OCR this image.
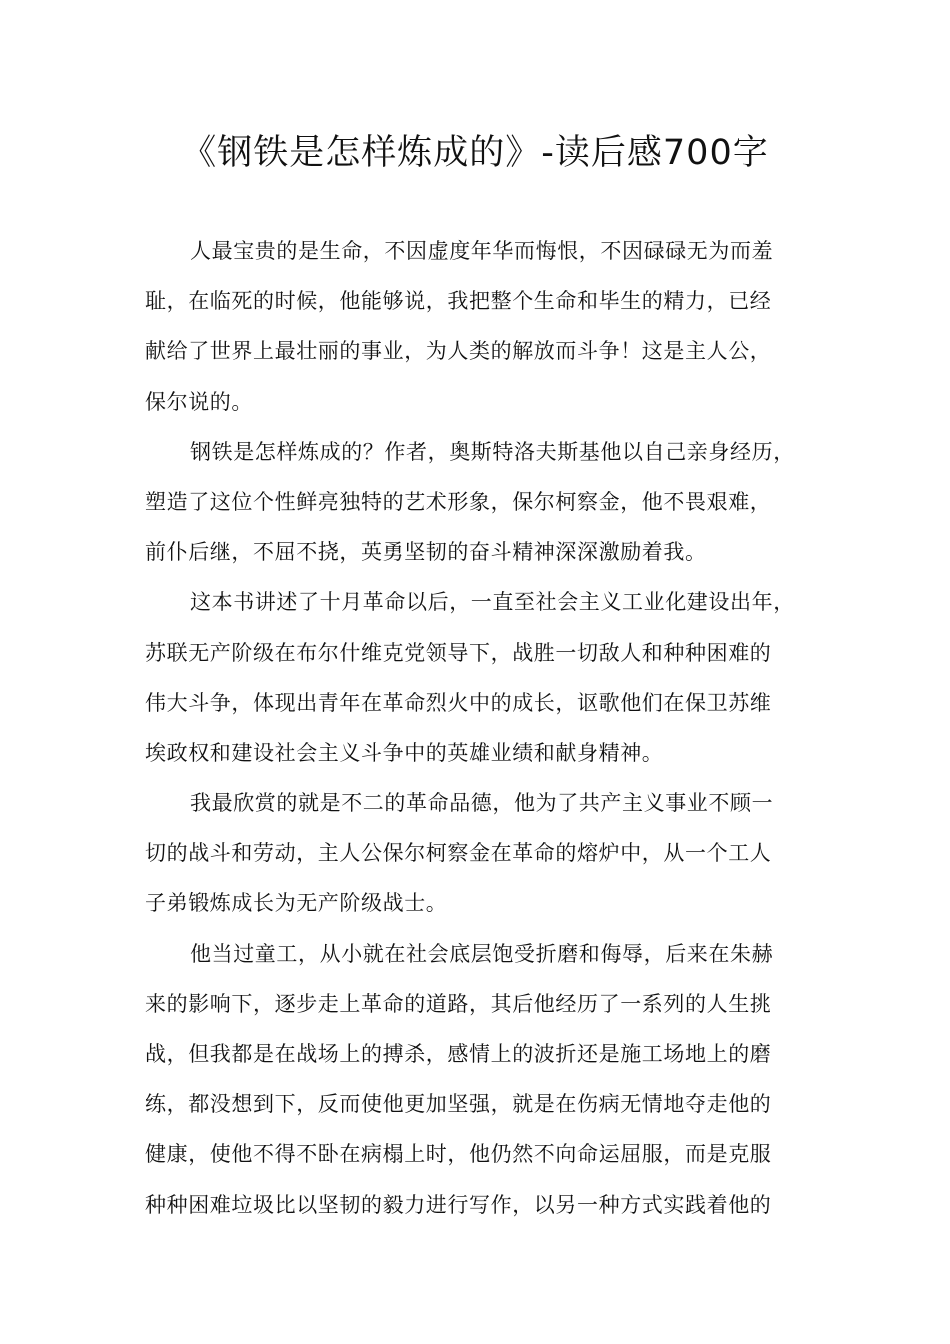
《钢铁是怎样炼成的》-读后感700字
人最宝贵的是生命，不因虚度年华而悔恨，不因碌碌无为而羞
耻，在临死的时候，他能够说，我把整个生命和毕生的精力，已经
献给了世界上最壮丽的事业，为人类的解放而斗争！这是主人公，
保尔说的。
钢铁是怎样炼成的？作者，奥斯特洛夫斯基他以自己亲身经历，
塑造了这位个性鲜亮独特的艺术形象，保尔柯察金，他不畏艰难，
前仆后继，不屈不挠，英勇坚韧的奋斗精神深深激励着我。
这本书讲述了十月革命以后，一直至社会主义工业化建设出年，
苏联无产阶级在布尔什维克党领导下，战胜一切敌人和种种困难的
伟大斗争，体现出青年在革命烈火中的成长，讴歌他们在保卫苏维
埃政权和建设社会主义斗争中的英雄业绩和献身精神。
我最欣赏的就是不二的革命品德，他为了共产主义事业不顾一
切的战斗和劳动，主人公保尔柯察金在革命的熔炉中，从一个工人
子弟锻炼成长为无产阶级战士。
他当过童工，从小就在社会底层饱受折磨和侮辱，后来在朱赫
来的影响下，逐步走上革命的道路，其后他经历了一系列的人生挑
战，但我都是在战场上的搏杀，感情上的波折还是施工场地上的磨
练，都没想到下，反而使他更加坚强，就是在伤病无情地夺走他的
健康，使他不得不卧在病榻上时，他仍然不向命运屈服，而是克服
种种困难垃圾比以坚韧的毅力进行写作，以另一种方式实践着他的
